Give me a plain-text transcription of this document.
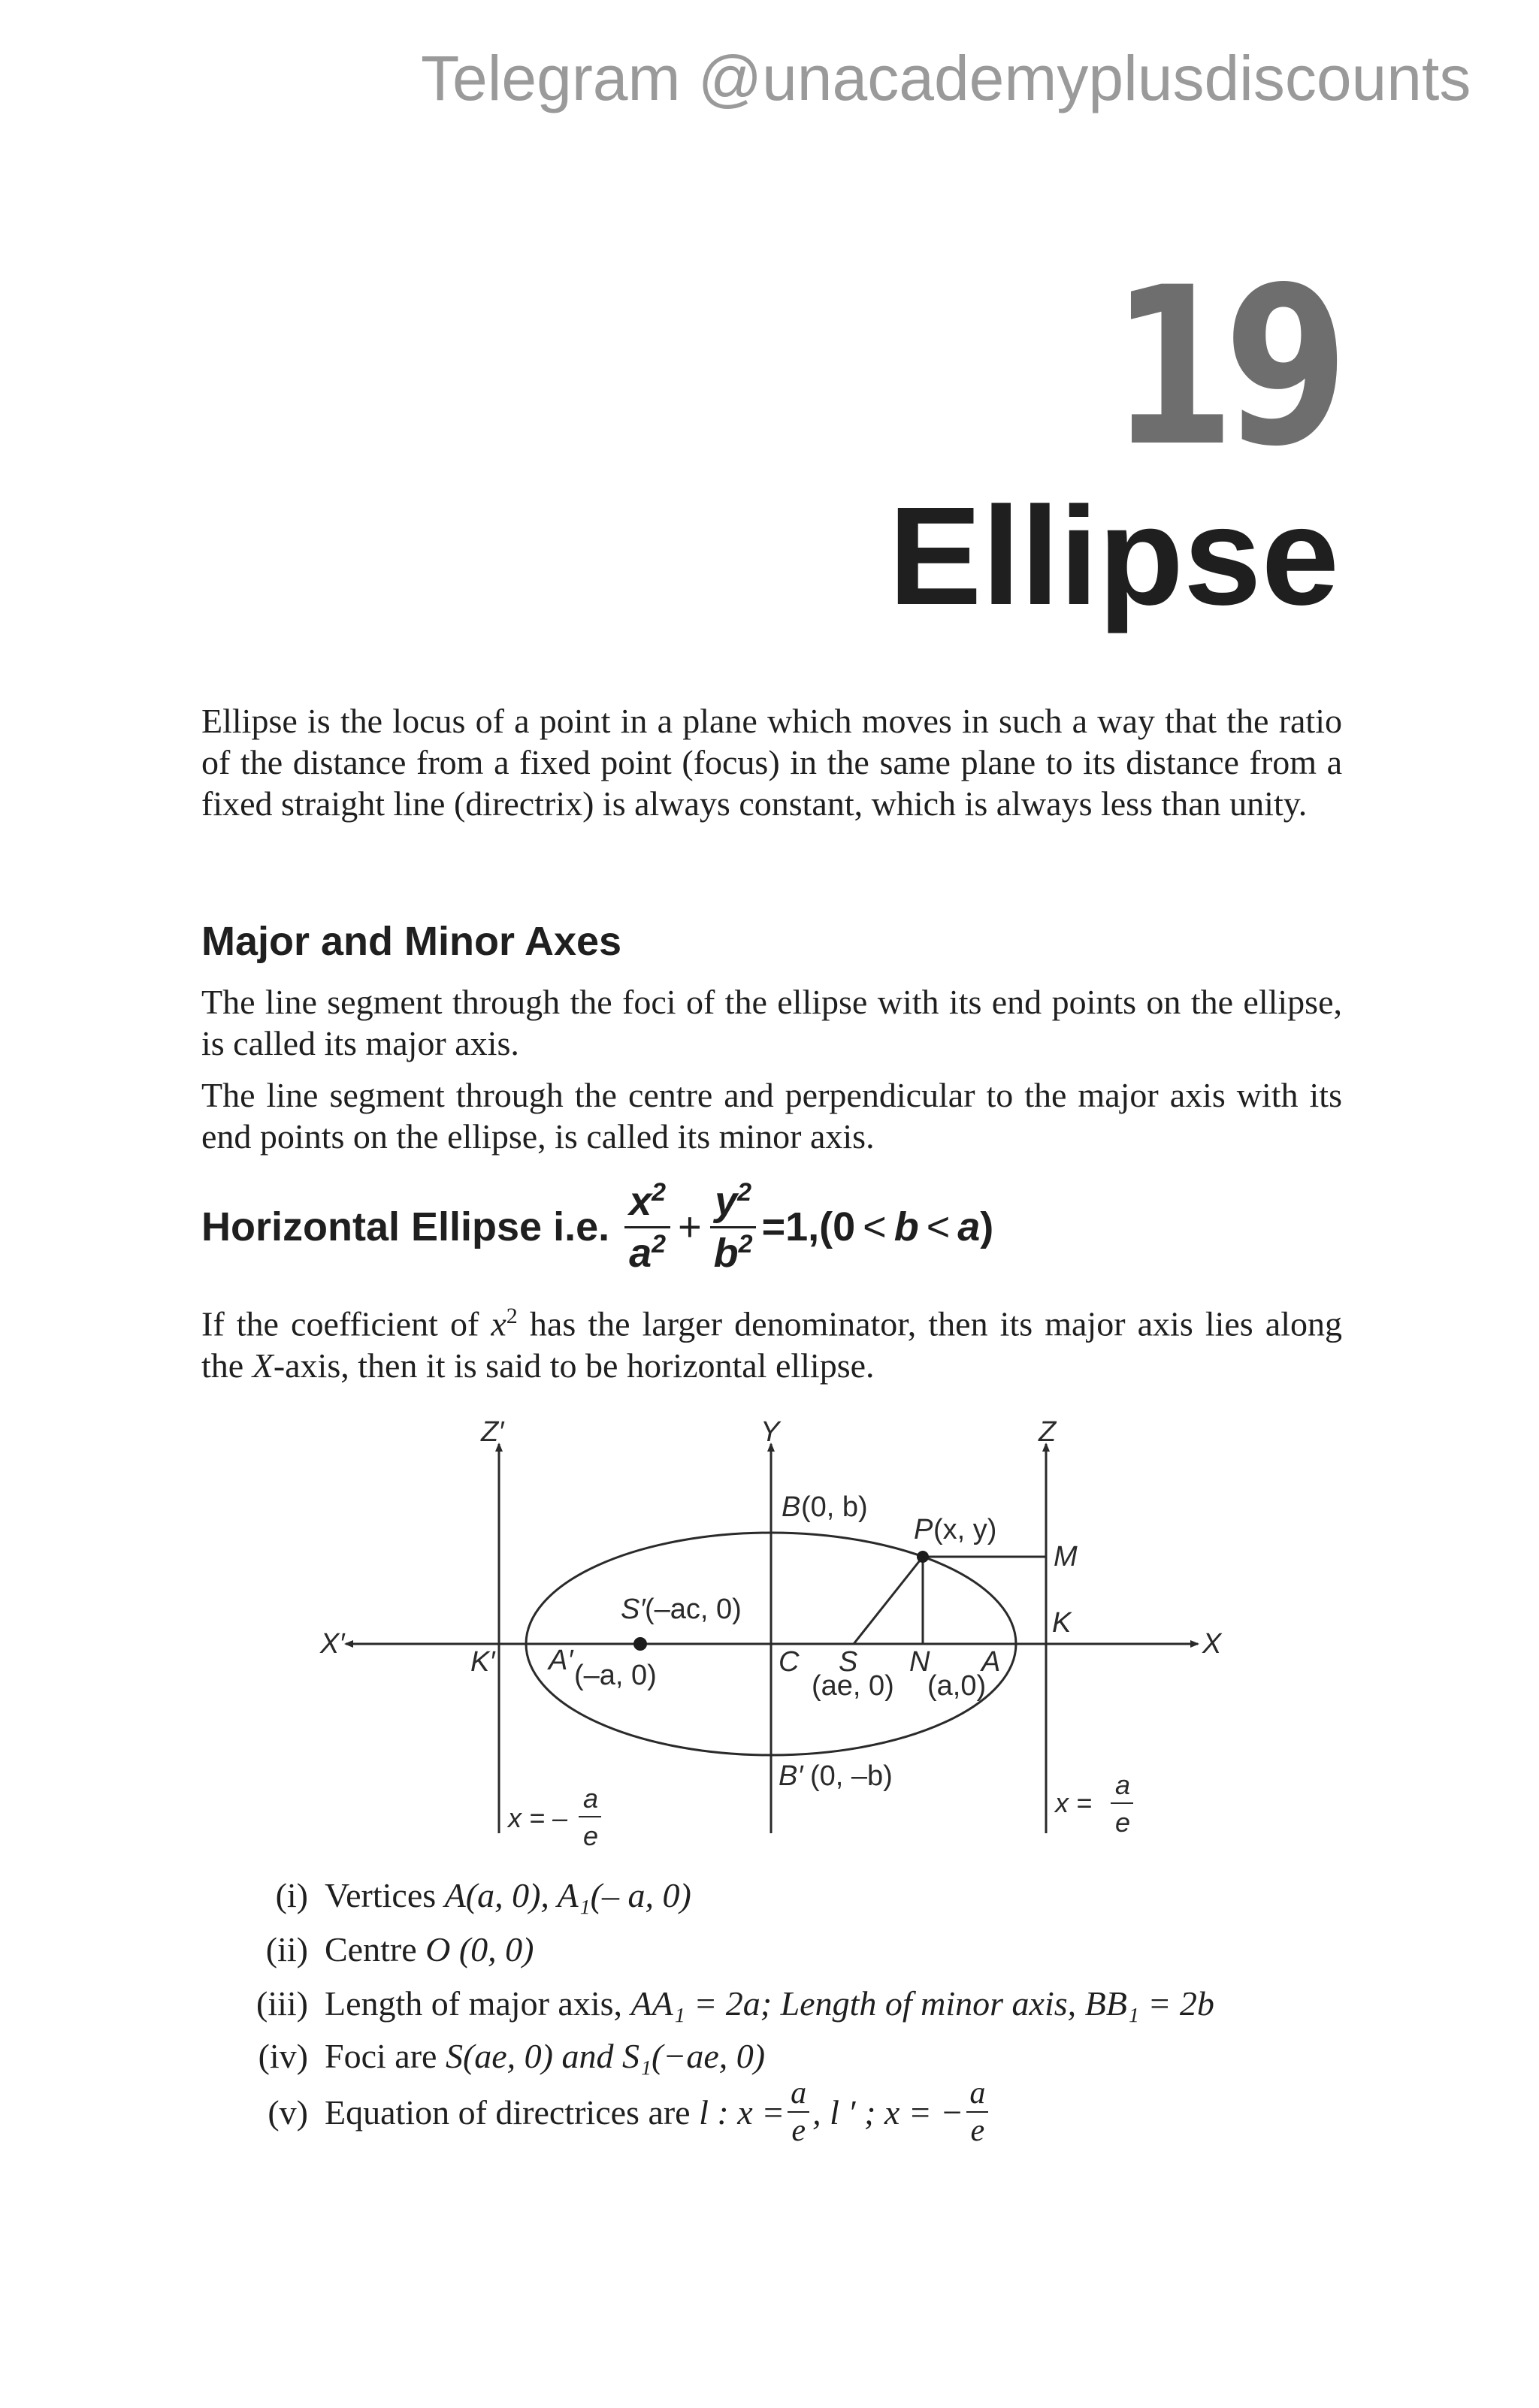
Telegram @unacademyplusdiscounts
19
Ellipse

Ellipse is the locus of a point in a plane which moves in such a way that the ratio of the distance from a fixed point (focus) in the same plane to its distance from a fixed straight line (directrix) is always constant, which is always less than unity.

Major and Minor Axes

The line segment through the foci of the ellipse with its end points on the ellipse, is called its major axis.

The line segment through the centre and perpendicular to the major axis with its end points on the ellipse, is called its minor axis.

Horizontal Ellipse i.e. $\frac{x^2}{a^2} + \frac{y^2}{b^2} =1$, (0 < b < a )

If the coefficient of $x^2$ has the larger denominator, then its major axis lies along the X-axis, then it is said to be horizontal ellipse.

Z′	Y	Z
X′	X
B (0, b)
P (x, y)
M
K
K′
S′ (–ac, 0)
A′ (–a, 0)	C S
(ae, 0)
N A
(a,0)
B′ (0, –b)
x = –
a
e
x =
a
e
(i) Vertices
A(a, 0), A₁(– a, 0)
(ii) Centre
O (0, 0)
(iii) Length of major axis,
AA₁ = 2a; Length of minor axis, BB₁ = 2b
(iv) Foci are
S(ae, 0) and S₁(−ae, 0)
(v) Equation of directrices are
l : $x = \frac{a}{e}$ , l ′ ; x = − $\frac{a}{e}$
